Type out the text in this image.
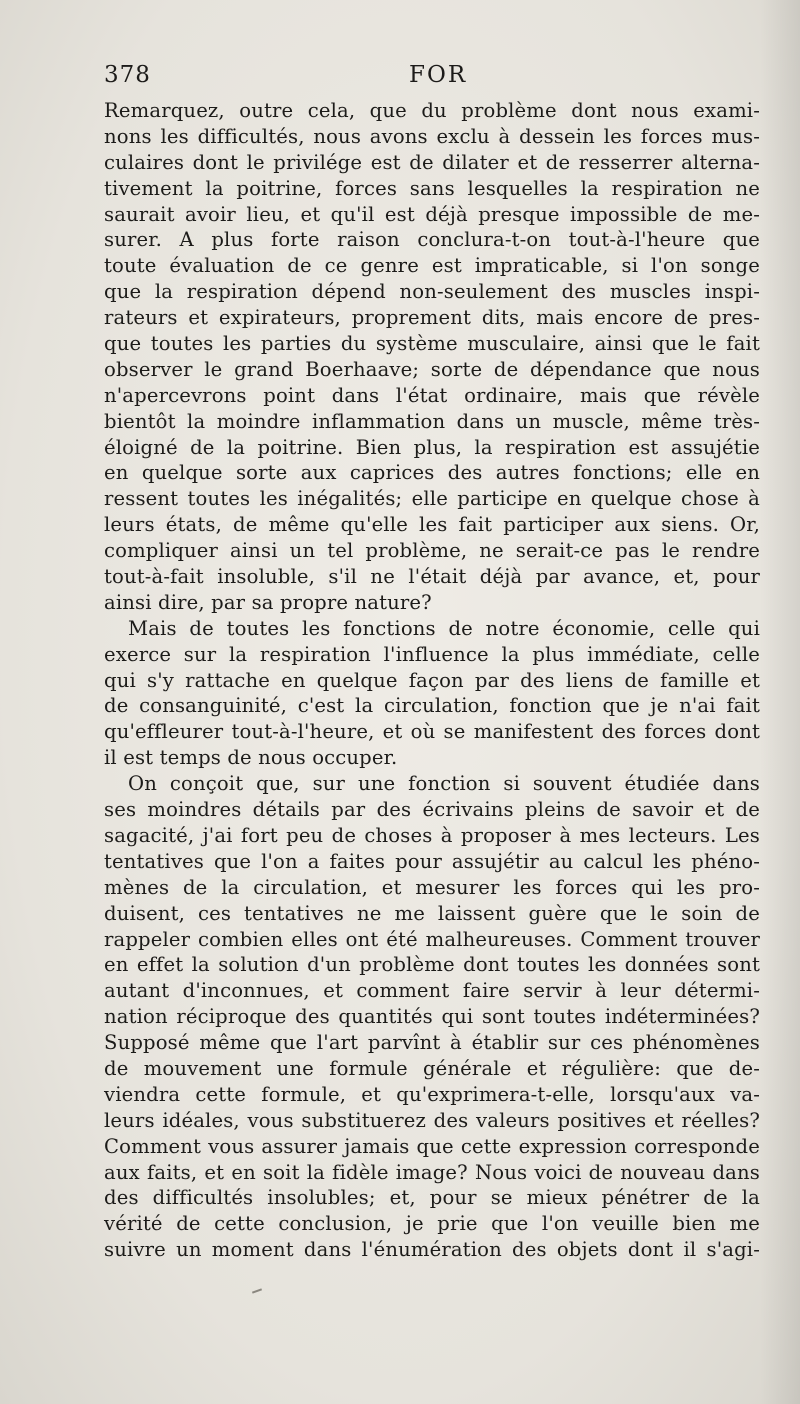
378	FOR
Remarquez, outre cela, que du problème dont nous exami-
nons les difficultés, nous avons exclu à dessein les forces mus-
culaires dont le privilége est de dilater et de resserrer alterna-
tivement la poitrine, forces sans lesquelles la respiration ne
saurait avoir lieu, et qu'il est déjà presque impossible de me-
surer. A plus forte raison conclura-t-on tout-à-l'heure que
toute évaluation de ce genre est impraticable, si l'on songe
que la respiration dépend non-seulement des muscles inspi-
rateurs et expirateurs, proprement dits, mais encore de pres-
que toutes les parties du système musculaire, ainsi que le fait
observer le grand Boerhaave; sorte de dépendance que nous
n'apercevrons point dans l'état ordinaire, mais que révèle
bientôt la moindre inflammation dans un muscle, même très-
éloigné de la poitrine. Bien plus, la respiration est assujétie
en quelque sorte aux caprices des autres fonctions; elle en
ressent toutes les inégalités; elle participe en quelque chose à
leurs états, de même qu'elle les fait participer aux siens. Or,
compliquer ainsi un tel problème, ne serait-ce pas le rendre
tout-à-fait insoluble, s'il ne l'était déjà par avance, et, pour
ainsi dire, par sa propre nature?
Mais de toutes les fonctions de notre économie, celle qui
exerce sur la respiration l'influence la plus immédiate, celle
qui s'y rattache en quelque façon par des liens de famille et
de consanguinité, c'est la circulation, fonction que je n'ai fait
qu'effleurer tout-à-l'heure, et où se manifestent des forces dont
il est temps de nous occuper.
On conçoit que, sur une fonction si souvent étudiée dans
ses moindres détails par des écrivains pleins de savoir et de
sagacité, j'ai fort peu de choses à proposer à mes lecteurs. Les
tentatives que l'on a faites pour assujétir au calcul les phéno-
mènes de la circulation, et mesurer les forces qui les pro-
duisent, ces tentatives ne me laissent guère que le soin de
rappeler combien elles ont été malheureuses. Comment trouver
en effet la solution d'un problème dont toutes les données sont
autant d'inconnues, et comment faire servir à leur détermi-
nation réciproque des quantités qui sont toutes indéterminées?
Supposé même que l'art parvînt à établir sur ces phénomènes
de mouvement une formule générale et régulière: que de-
viendra cette formule, et qu'exprimera-t-elle, lorsqu'aux va-
leurs idéales, vous substituerez des valeurs positives et réelles?
Comment vous assurer jamais que cette expression corresponde
aux faits, et en soit la fidèle image? Nous voici de nouveau dans
des difficultés insolubles; et, pour se mieux pénétrer de la
vérité de cette conclusion, je prie que l'on veuille bien me
suivre un moment dans l'énumération des objets dont il s'agi-
